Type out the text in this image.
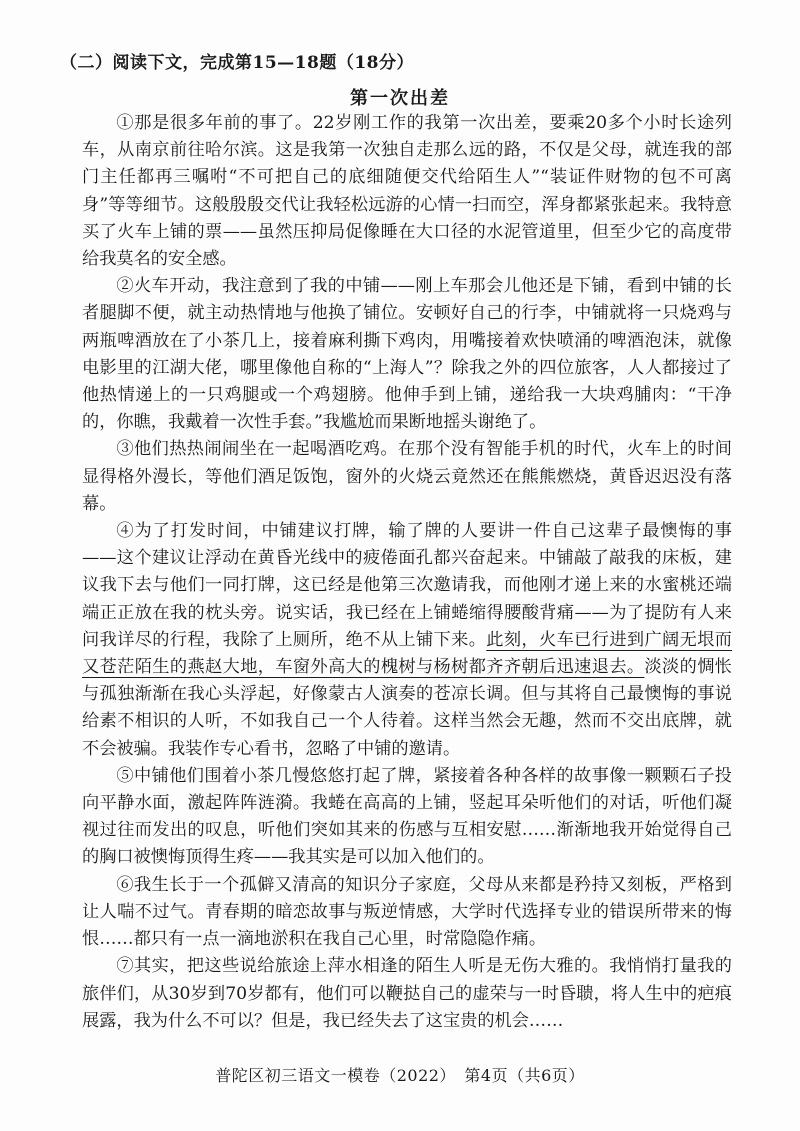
（二）阅读下文，完成第15—18题（18分）
第一次出差

①那是很多年前的事了。22岁刚工作的我第一次出差，要乘20多个小时长途列车，从南京前往哈尔滨。这是我第一次独自走那么远的路，不仅是父母，就连我的部门主任都再三嘱咐“不可把自己的底细随便交代给陌生人”“装证件财物的包不可离身”等等细节。这般殷殷交代让我轻松远游的心情一扫而空，浑身都紧张起来。我特意买了火车上铺的票——虽然压抑局促像睡在大口径的水泥管道里，但至少它的高度带给我莫名的安全感。

②火车开动，我注意到了我的中铺——刚上车那会儿他还是下铺，看到中铺的长者腿脚不便，就主动热情地与他换了铺位。安顿好自己的行李，中铺就将一只烧鸡与两瓶啤酒放在了小茶几上，接着麻利撕下鸡肉，用嘴接着欢快喷涌的啤酒泡沫，就像电影里的江湖大佬，哪里像他自称的“上海人”？除我之外的四位旅客，人人都接过了他热情递上的一只鸡腿或一个鸡翅膀。他伸手到上铺，递给我一大块鸡脯肉：“干净的，你瞧，我戴着一次性手套。”我尴尬而果断地摇头谢绝了。

③他们热热闹闹坐在一起喝酒吃鸡。在那个没有智能手机的时代，火车上的时间显得格外漫长，等他们酒足饭饱，窗外的火烧云竟然还在熊熊燃烧，黄昏迟迟没有落幕。

④为了打发时间，中铺建议打牌，输了牌的人要讲一件自己这辈子最懊悔的事——这个建议让浮动在黄昏光线中的疲倦面孔都兴奋起来。中铺敲了敲我的床板，建议我下去与他们一同打牌，这已经是他第三次邀请我，而他刚才递上来的水蜜桃还端端正正放在我的枕头旁。说实话，我已经在上铺蜷缩得腰酸背痛——为了提防有人来问我详尽的行程，我除了上厕所，绝不从上铺下来。此刻，火车已行进到广阔无垠而又苍茫陌生的燕赵大地，车窗外高大的槐树与杨树都齐齐朝后迅速退去。淡淡的惆怅与孤独渐渐在我心头浮起，好像蒙古人演奏的苍凉长调。但与其将自己最懊悔的事说给素不相识的人听，不如我自己一个人待着。这样当然会无趣，然而不交出底牌，就不会被骗。我装作专心看书，忽略了中铺的邀请。

⑤中铺他们围着小茶几慢悠悠打起了牌，紧接着各种各样的故事像一颗颗石子投向平静水面，激起阵阵涟漪。我蜷在高高的上铺，竖起耳朵听他们的对话，听他们凝视过往而发出的叹息，听他们突如其来的伤感与互相安慰……渐渐地我开始觉得自己的胸口被懊悔顶得生疼——我其实是可以加入他们的。

⑥我生长于一个孤僻又清高的知识分子家庭，父母从来都是矜持又刻板，严格到让人喘不过气。青春期的暗恋故事与叛逆情感，大学时代选择专业的错误所带来的悔恨……都只有一点一滴地淤积在我自己心里，时常隐隐作痛。

⑦其实，把这些说给旅途上萍水相逢的陌生人听是无伤大雅的。我悄悄打量我的旅伴们，从30岁到70岁都有，他们可以鞭挞自己的虚荣与一时昏聩，将人生中的疤痕展露，我为什么不可以？但是，我已经失去了这宝贵的机会……

普陀区初三语文一模卷（2022）　第4页（共6页）
